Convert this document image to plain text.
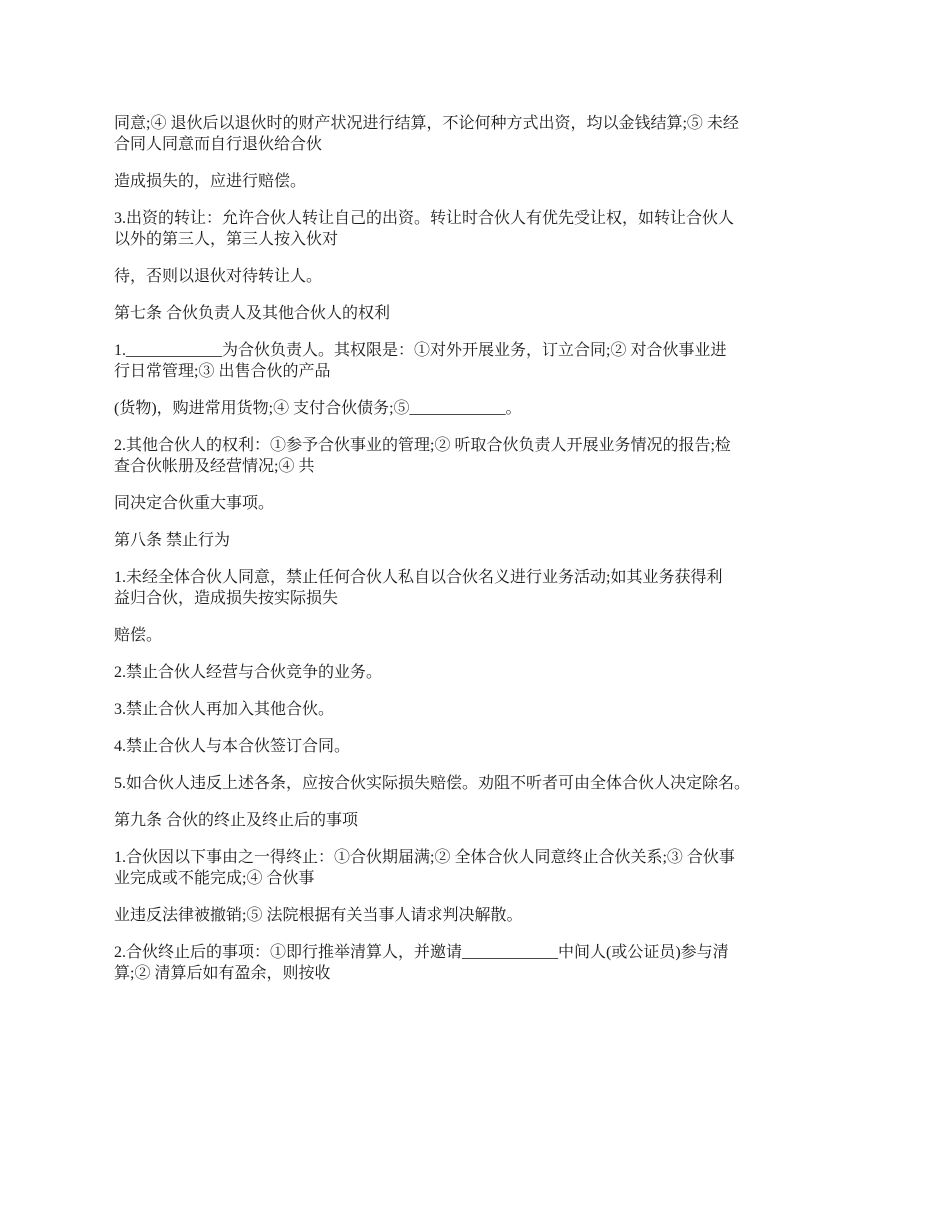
同意;④ 退伙后以退伙时的财产状况进行结算，不论何种方式出资，均以金钱结算;⑤ 未经
合同人同意而自行退伙给合伙

造成损失的，应进行赔偿。

3.出资的转让：允许合伙人转让自己的出资。转让时合伙人有优先受让权，如转让合伙人
以外的第三人，第三人按入伙对

待，否则以退伙对待转让人。

第七条 合伙负责人及其他合伙人的权利

1.____________为合伙负责人。其权限是：①对外开展业务，订立合同;② 对合伙事业进
行日常管理;③ 出售合伙的产品

(货物)，购进常用货物;④ 支付合伙债务;⑤____________。

2.其他合伙人的权利：①参予合伙事业的管理;② 听取合伙负责人开展业务情况的报告;检
查合伙帐册及经营情况;④ 共

同决定合伙重大事项。

第八条 禁止行为

1.未经全体合伙人同意，禁止任何合伙人私自以合伙名义进行业务活动;如其业务获得利
益归合伙，造成损失按实际损失

赔偿。

2.禁止合伙人经营与合伙竞争的业务。

3.禁止合伙人再加入其他合伙。

4.禁止合伙人与本合伙签订合同。

5.如合伙人违反上述各条，应按合伙实际损失赔偿。劝阻不听者可由全体合伙人决定除名。

第九条 合伙的终止及终止后的事项

1.合伙因以下事由之一得终止：①合伙期届满;② 全体合伙人同意终止合伙关系;③ 合伙事
业完成或不能完成;④ 合伙事

业违反法律被撤销;⑤ 法院根据有关当事人请求判决解散。

2.合伙终止后的事项：①即行推举清算人，并邀请____________中间人(或公证员)参与清
算;② 清算后如有盈余，则按收
